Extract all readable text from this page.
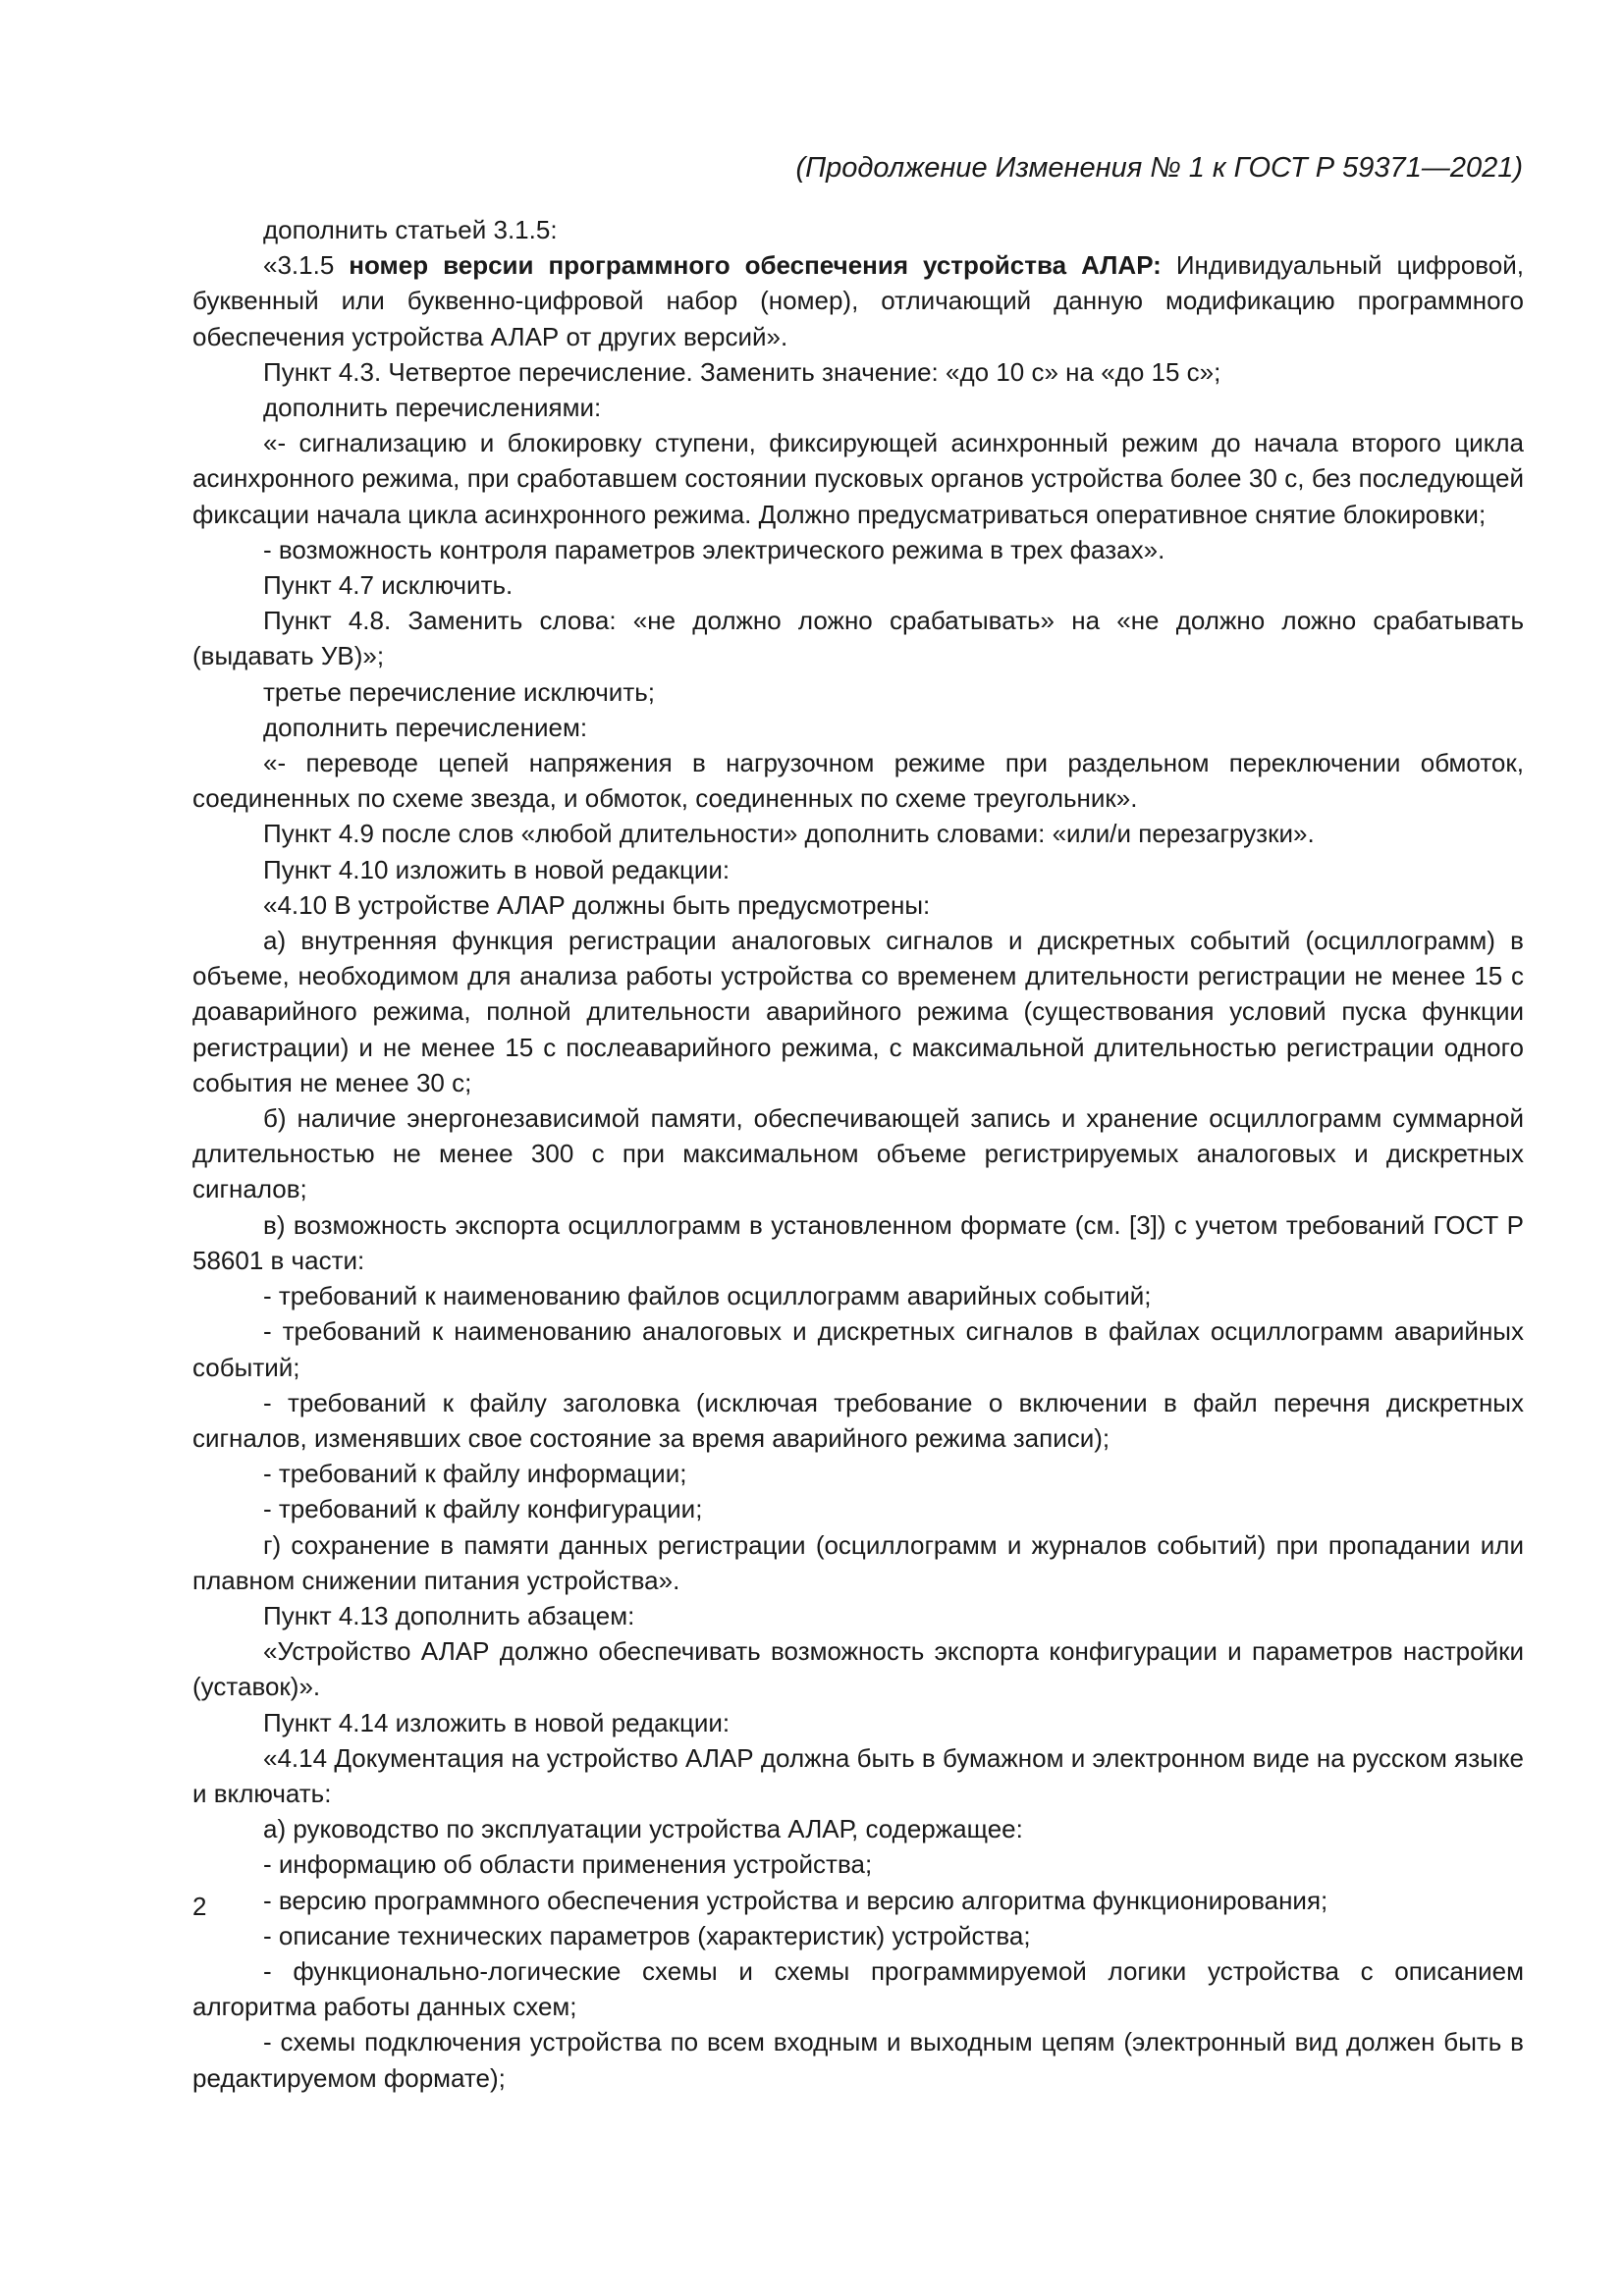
(Продолжение Изменения № 1 к ГОСТ Р 59371—2021)

дополнить статьей 3.1.5:

«3.1.5 номер версии программного обеспечения устройства АЛАР: Индивидуальный цифровой, буквенный или буквенно-цифровой набор (номер), отличающий данную модификацию программного обеспечения устройства АЛАР от других версий».

Пункт 4.3. Четвертое перечисление. Заменить значение: «до 10 с» на «до 15 с»;

дополнить перечислениями:

«- сигнализацию и блокировку ступени, фиксирующей асинхронный режим до начала второго цикла асинхронного режима, при сработавшем состоянии пусковых органов устройства более 30 с, без последующей фиксации начала цикла асинхронного режима. Должно предусматриваться оперативное снятие блокировки;

- возможность контроля параметров электрического режима в трех фазах».

Пункт 4.7 исключить.

Пункт 4.8. Заменить слова: «не должно ложно срабатывать» на «не должно ложно срабатывать (выдавать УВ)»;

третье перечисление исключить;

дополнить перечислением:

«- переводе цепей напряжения в нагрузочном режиме при раздельном переключении обмоток, соединенных по схеме звезда, и обмоток, соединенных по схеме треугольник».

Пункт 4.9 после слов «любой длительности» дополнить словами: «или/и перезагрузки».

Пункт 4.10 изложить в новой редакции:

«4.10 В устройстве АЛАР должны быть предусмотрены:

а) внутренняя функция регистрации аналоговых сигналов и дискретных событий (осциллограмм) в объеме, необходимом для анализа работы устройства со временем длительности регистрации не менее 15 с доаварийного режима, полной длительности аварийного режима (существования условий пуска функции регистрации) и не менее 15 с послеаварийного режима, с максимальной длительностью регистрации одного события не менее 30 с;

б) наличие энергонезависимой памяти, обеспечивающей запись и хранение осциллограмм суммарной длительностью не менее 300 с при максимальном объеме регистрируемых аналоговых и дискретных сигналов;

в) возможность экспорта осциллограмм в установленном формате (см. [3]) с учетом требований ГОСТ Р 58601 в части:

- требований к наименованию файлов осциллограмм аварийных событий;

- требований к наименованию аналоговых и дискретных сигналов в файлах осциллограмм аварийных событий;

- требований к файлу заголовка (исключая требование о включении в файл перечня дискретных сигналов, изменявших свое состояние за время аварийного режима записи);

- требований к файлу информации;

- требований к файлу конфигурации;

г) сохранение в памяти данных регистрации (осциллограмм и журналов событий) при пропадании или плавном снижении питания устройства».

Пункт 4.13 дополнить абзацем:

«Устройство АЛАР должно обеспечивать возможность экспорта конфигурации и параметров настройки (уставок)».

Пункт 4.14 изложить в новой редакции:

«4.14 Документация на устройство АЛАР должна быть в бумажном и электронном виде на русском языке и включать:

а) руководство по эксплуатации устройства АЛАР, содержащее:

- информацию об области применения устройства;

- версию программного обеспечения устройства и версию алгоритма функционирования;

- описание технических параметров (характеристик) устройства;

- функционально-логические схемы и схемы программируемой логики устройства с описанием алгоритма работы данных схем;

- схемы подключения устройства по всем входным и выходным цепям (электронный вид должен быть в редактируемом формате);

2
